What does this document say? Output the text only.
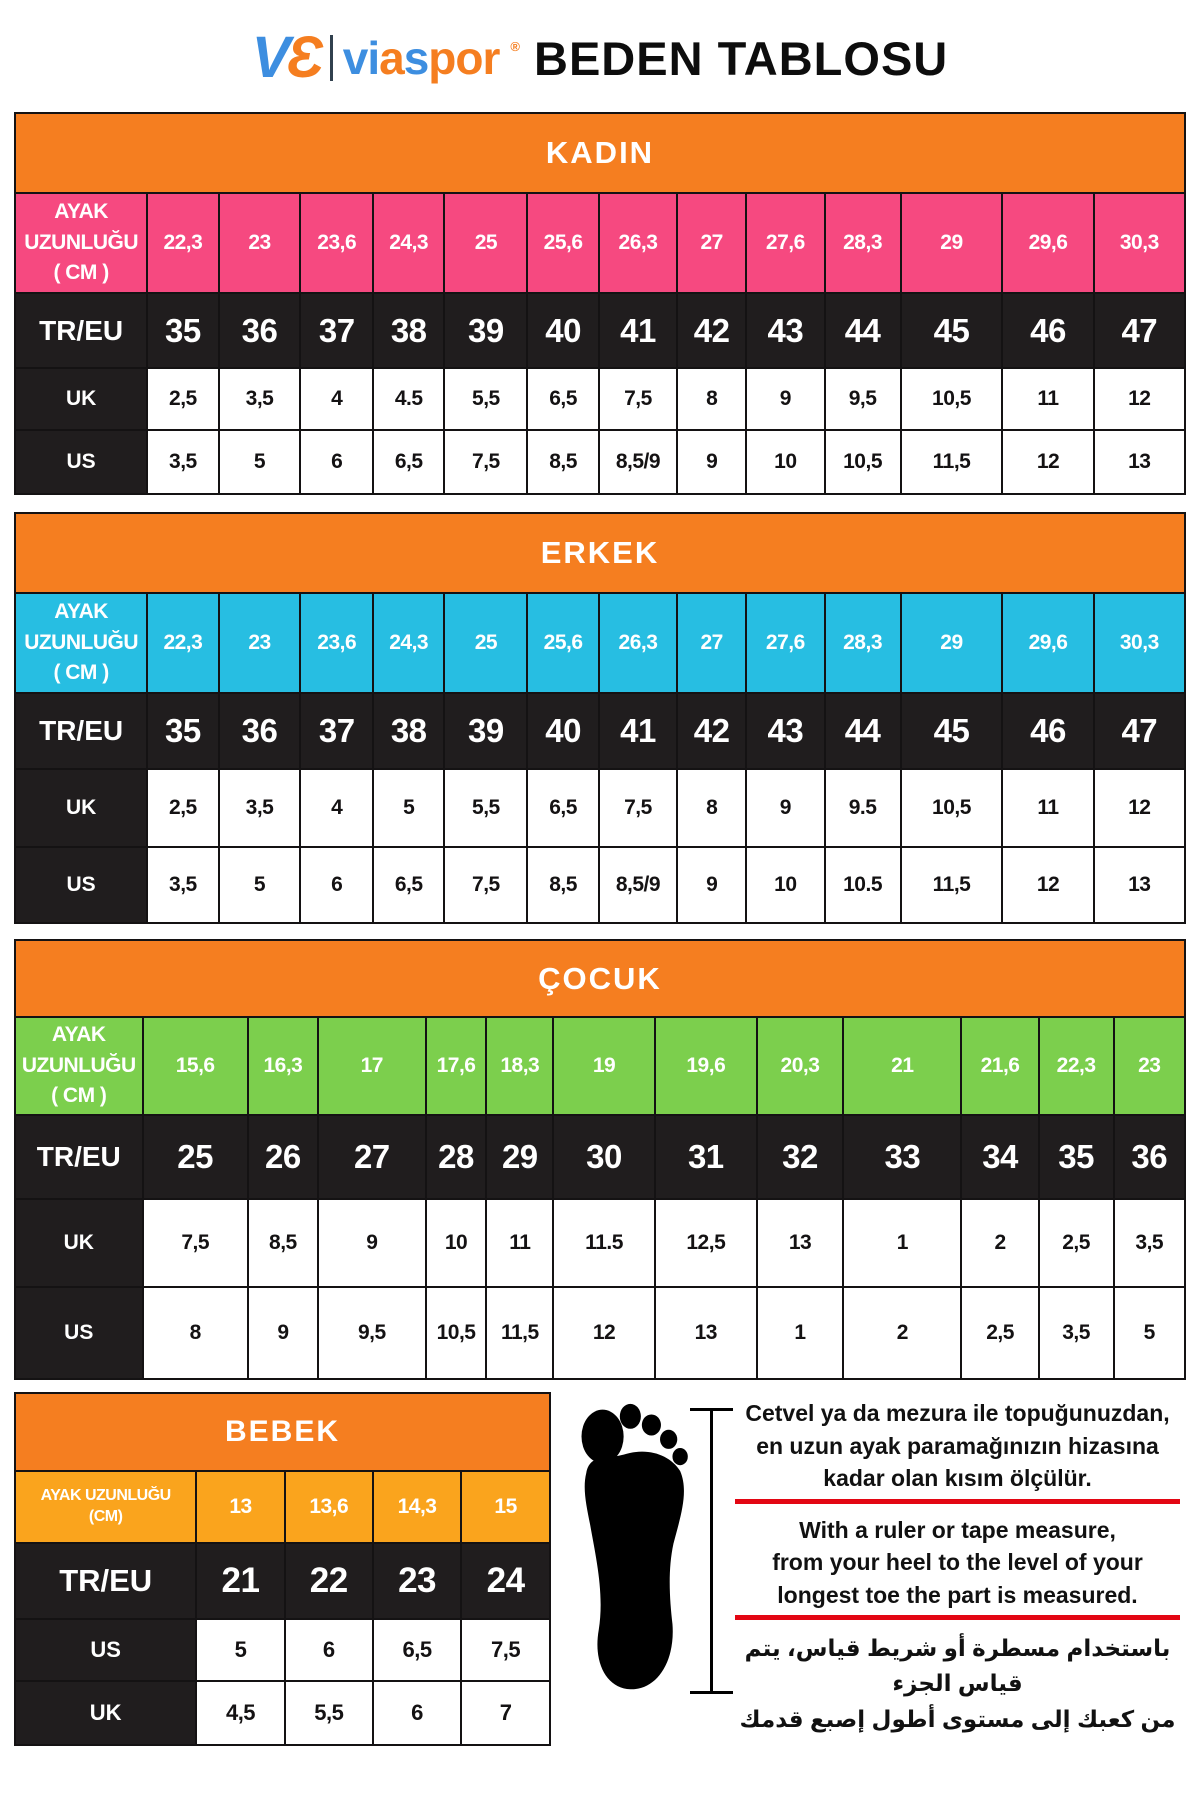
VƐ viaspor ® BEDEN TABLOSU
KADIN													

AYAK
UZUNLUĞU
( CM )	22,3	23	23,6	24,3	25	25,6	26,3	27	27,6	28,3	29	29,6	30,3
TR/EU	35	36	37	38	39	40	41	42	43	44	45	46	47
UK	2,5	3,5	4	4.5	5,5	6,5	7,5	8	9	9,5	10,5	11	12
US	3,5	5	6	6,5	7,5	8,5	8,5/9	9	10	10,5	11,5	12	13
ERKEK													

AYAK
UZUNLUĞU
( CM )	22,3	23	23,6	24,3	25	25,6	26,3	27	27,6	28,3	29	29,6	30,3
TR/EU	35	36	37	38	39	40	41	42	43	44	45	46	47
UK	2,5	3,5	4	5	5,5	6,5	7,5	8	9	9.5	10,5	11	12
US	3,5	5	6	6,5	7,5	8,5	8,5/9	9	10	10.5	11,5	12	13
ÇOCUK												

AYAK
UZUNLUĞU
( CM )	15,6	16,3	17	17,6	18,3	19	19,6	20,3	21	21,6	22,3	23
TR/EU	25	26	27	28	29	30	31	32	33	34	35	36
UK	7,5	8,5	9	10	11	11.5	12,5	13	1	2	2,5	3,5
US	8	9	9,5	10,5	11,5	12	13	1	2	2,5	3,5	5
BEBEK				

AYAK UZUNLUĞU
(CM)	13	13,6	14,3	15
TR/EU	21	22	23	24
US	5	6	6,5	7,5
UK	4,5	5,5	6	7

Cetvel ya da mezura ile topuğunuzdan,

en uzun ayak paramağınızın hizasına

kadar olan kısım ölçülür.

With a ruler or tape measure,

from your heel to the level of your

longest toe the part is measured.

باستخدام مسطرة أو شريط قياس، يتم قياس الجزء

من كعبك إلى مستوى أطول إصبع قدمك
